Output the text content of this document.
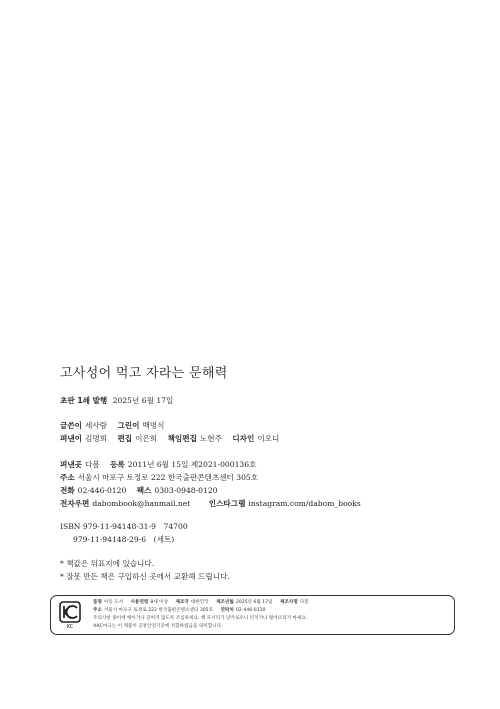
고사성어 먹고 자라는 문해력
초판 1쇄 발행 2025년 6월 17일
글쓴이 세사람 그린이 백명식
펴낸이 김명희 편집 이은희 책임편집 노현주 디자인 이오디
펴낸곳 다봄 등록 2011년 6월 15일 제2021-000136호
주소 서울시 마포구 토정로 222 한국출판콘텐츠센터 305호
전화 02-446-0120 팩스 0303-0948-0120
전자우편 dabombook@hanmail.net 인스타그램 instagram.com/dabom_books
ISBN 979-11-94148-31-9　74700
979-11-94148-29-6　(세트)
* 책값은 뒤표지에 있습니다.
* 잘못 만든 책은 구입하신 곳에서 교환해 드립니다.
KC
품명 아동 도서 사용연령 8세 이상 제조국 대한민국 제조년월 2025년 6월 17일 제조자명 다봄
주소 서울시 마포구 토정로 222 한국출판콘텐츠센터 305호 연락처 02-446-0120
주의사항 종이에 베이거나 긁히지 않도록 조심하세요. 책 모서리가 날카로우니 던지거나 떨어뜨리지 마세요.
※KC마크는 이 제품이 공통안전기준에 적합하였음을 의미합니다.
